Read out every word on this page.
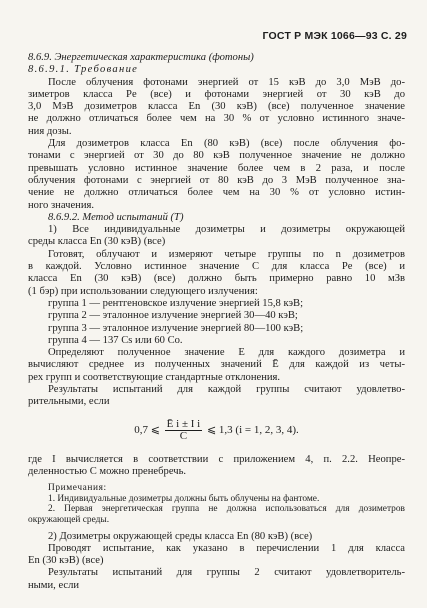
ГОСТ Р МЭК 1066—93 С. 29
8.6.9. Энергетическая характеристика (фотоны)
8.6.9.1. Требование
После облучения фотонами энергией от 15 кэВ до 3,0 МэВ до-
зиметров класса Pe (все) и фотонами энергией от 30 кэВ до
3,0 МэВ дозиметров класса En (30 кэВ) (все) полученное значение
не должно отличаться более чем на 30 % от условно истинного значе-
ния дозы.
Для дозиметров класса En (80 кэВ) (все) после облучения фо-
тонами с энергией от 30 до 80 кэВ полученное значение не должно
превышать условно истинное значение более чем в 2 раза, и после
облучения фотонами с энергией от 80 кэВ до 3 МэВ полученное зна-
чение не должно отличаться более чем на 30 % от условно истин-
ного значения.
8.6.9.2. Метод испытаний (Т)
1) Все индивидуальные дозиметры и дозиметры окружающей
среды класса En (30 кэВ) (все)
Готовят, облучают и измеряют четыре группы по n дозиметров
в каждой. Условно истинное значение C для класса Pe (все) и
класса En (30 кэВ) (все) должно быть примерно равно 10 мЗв
(1 бэр) при использовании следующего излучения:
группа 1 — рентгеновское излучение энергией 15,8 кэВ;
группа 2 — эталонное излучение энергией 30—40 кэВ;
группа 3 — эталонное излучение энергией 80—100 кэВ;
группа 4 — 137 Cs или 60 Co.
Определяют полученное значение E для каждого дозиметра и
вычисляют среднее из полученных значений Ē для каждой из четы-
рех групп и соответствующие стандартные отклонения.
Результаты испытаний для каждой группы считают удовлетво-
рительными, если
0,7 ⩽ $\frac{\text{Ē i ± I i}}{C}$ ⩽ 1,3 (i = 1, 2, 3, 4).
где I вычисляется в соответствии с приложением 4, п. 2.2. Неопре-
деленностью C можно пренебречь.
Примечания:
1. Индивидуальные дозиметры должны быть облучены на фантоме.
2. Первая энергетическая группа не должна использоваться для дозиметров
окружающей среды.
2) Дозиметры окружающей среды класса En (80 кэВ) (все)
Проводят испытание, как указано в перечислении 1 для класса
En (30 кэВ) (все)
Результаты испытаний для группы 2 считают удовлетворитель-
ными, если
